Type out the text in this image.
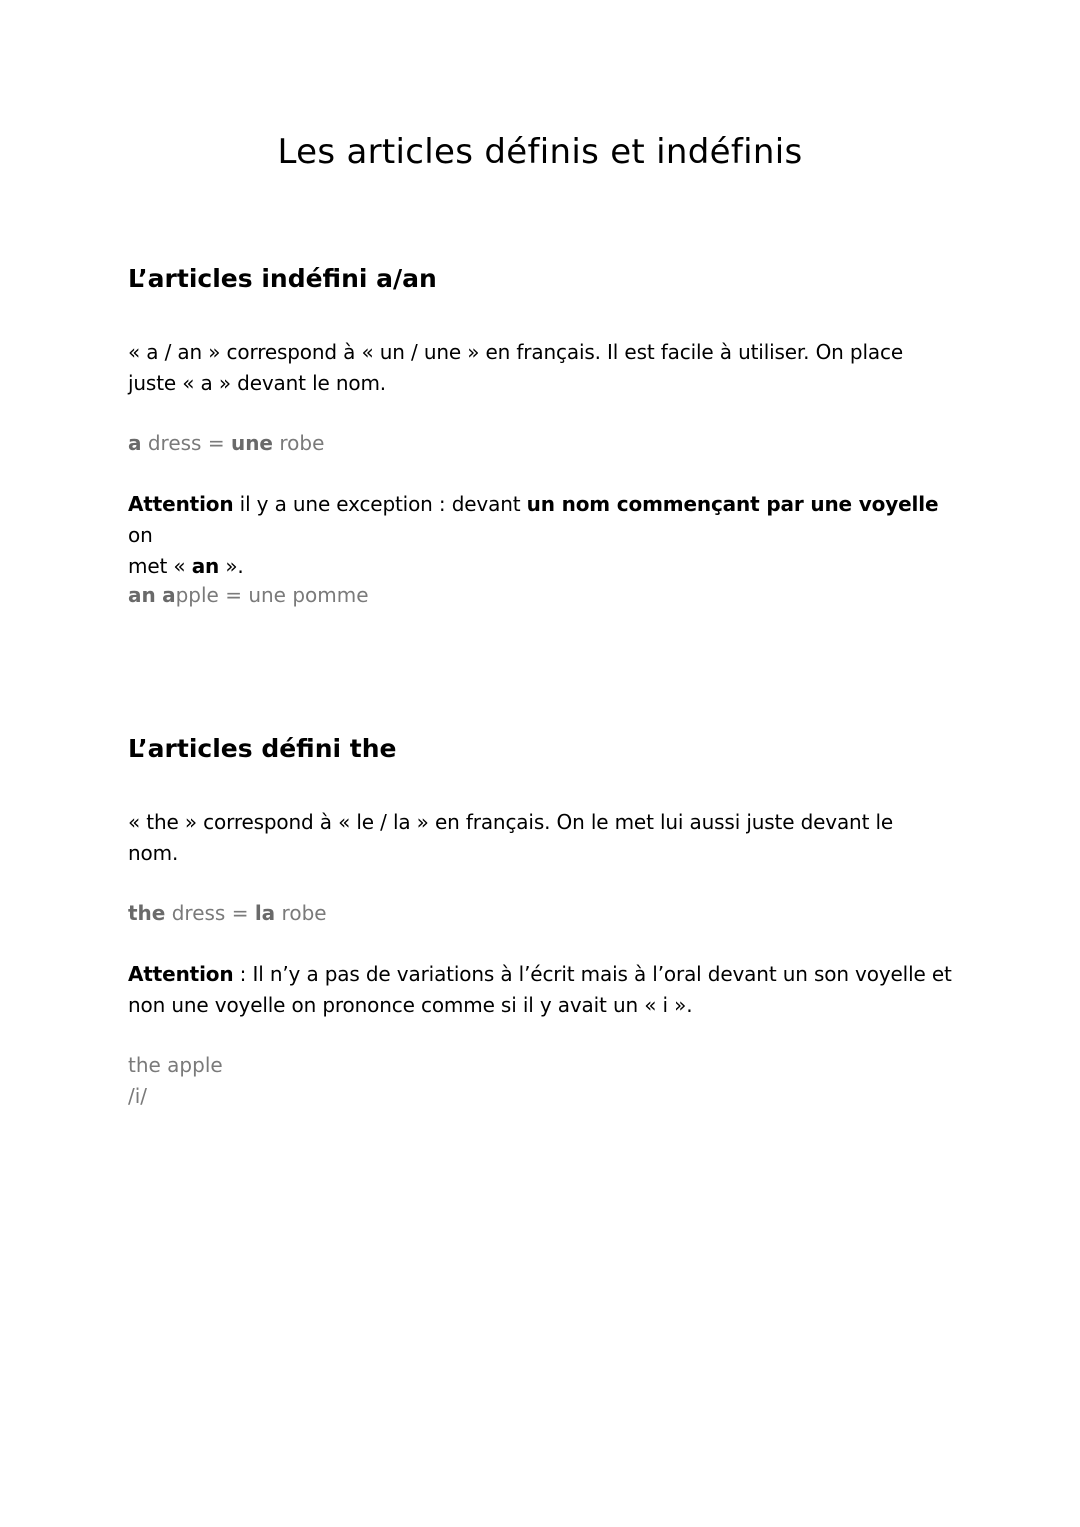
Les articles définis et indéfinis
L’articles indéfini a/an

« a / an » correspond à « un / une » en français. Il est facile à utiliser. On place
juste « a » devant le nom.

a dress = une robe

Attention il y a une exception : devant un nom commençant par une voyelle on
met « an ».

an apple = une pomme

L’articles défini the

« the » correspond à « le / la » en français. On le met lui aussi juste devant le
nom.

the dress = la robe

Attention : Il n’y a pas de variations à l’écrit mais à l’oral devant un son voyelle et
non une voyelle on prononce comme si il y avait un « i ».

the apple
/i/
